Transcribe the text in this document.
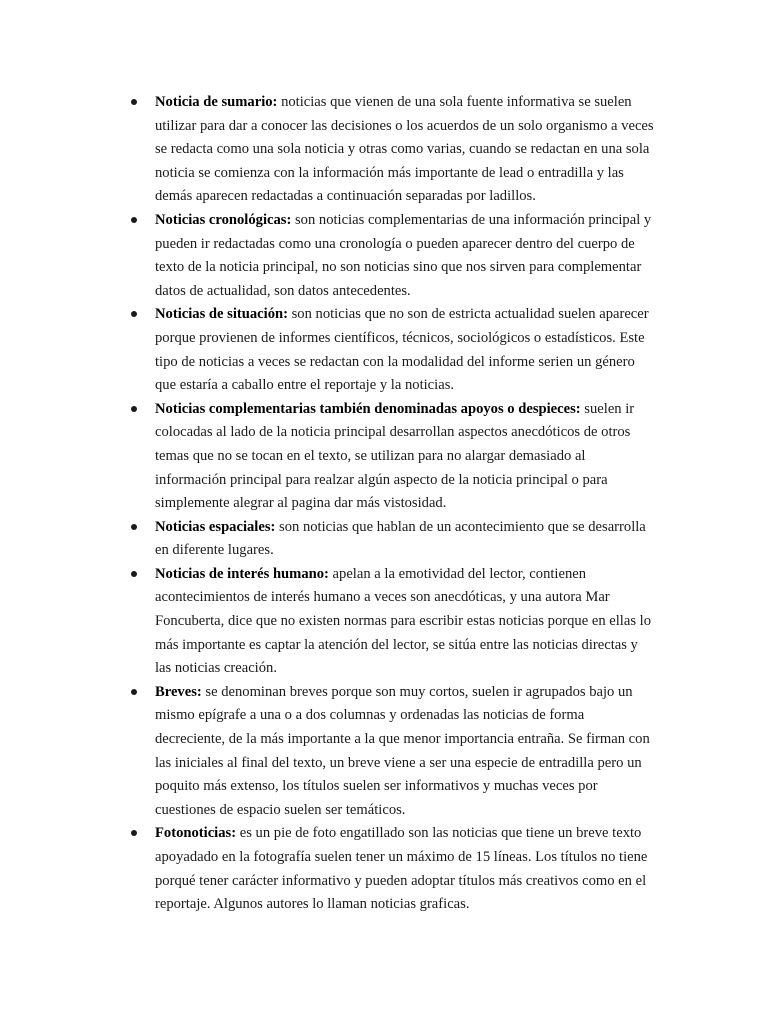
Noticia de sumario: noticias que vienen de una sola fuente informativa se suelen utilizar para dar a conocer las decisiones o los acuerdos de un solo organismo a veces se redacta como una sola noticia y otras como varias, cuando se redactan en una sola noticia se comienza con la información más importante de lead o entradilla y las demás aparecen redactadas a continuación separadas por ladillos.
Noticias cronológicas: son noticias complementarias de una información principal y pueden ir redactadas como una cronología o pueden aparecer dentro del cuerpo de texto de la noticia principal, no son noticias sino que nos sirven para complementar datos de actualidad, son datos antecedentes.
Noticias de situación: son noticias que no son de estricta actualidad suelen aparecer porque provienen de informes científicos, técnicos, sociológicos o estadísticos. Este tipo de noticias a veces se redactan con la modalidad del informe serien un género que estaría a caballo entre el reportaje y la noticias.
Noticias complementarias también denominadas apoyos o despieces: suelen ir colocadas al lado de la noticia principal desarrollan aspectos anecdóticos de otros temas que no se tocan en el texto, se utilizan para no alargar demasiado al información principal para realzar algún aspecto de la noticia principal o para simplemente alegrar al pagina dar más vistosidad.
Noticias espaciales: son noticias que hablan de un acontecimiento que se desarrolla en diferente lugares.
Noticias de interés humano: apelan a la emotividad del lector, contienen acontecimientos de interés humano a veces son anecdóticas, y una autora Mar Foncuberta, dice que no existen normas para escribir estas noticias porque en ellas lo más importante es captar la atención del lector, se sitúa entre las noticias directas y las noticias creación.
Breves: se denominan breves porque son muy cortos, suelen ir agrupados bajo un mismo epígrafe a una o a dos columnas y ordenadas las noticias de forma decreciente, de la más importante a la que menor importancia entraña. Se firman con las iniciales al final del texto, un breve viene a ser una especie de entradilla pero un poquito más extenso, los títulos suelen ser informativos y muchas veces por cuestiones de espacio suelen ser temáticos.
Fotonoticias: es un pie de foto engatillado son las noticias que tiene un breve texto apoyadado en la fotografía suelen tener un máximo de 15 líneas. Los títulos no tiene porqué tener carácter informativo y pueden adoptar títulos más creativos como en el reportaje. Algunos autores lo llaman noticias graficas.
